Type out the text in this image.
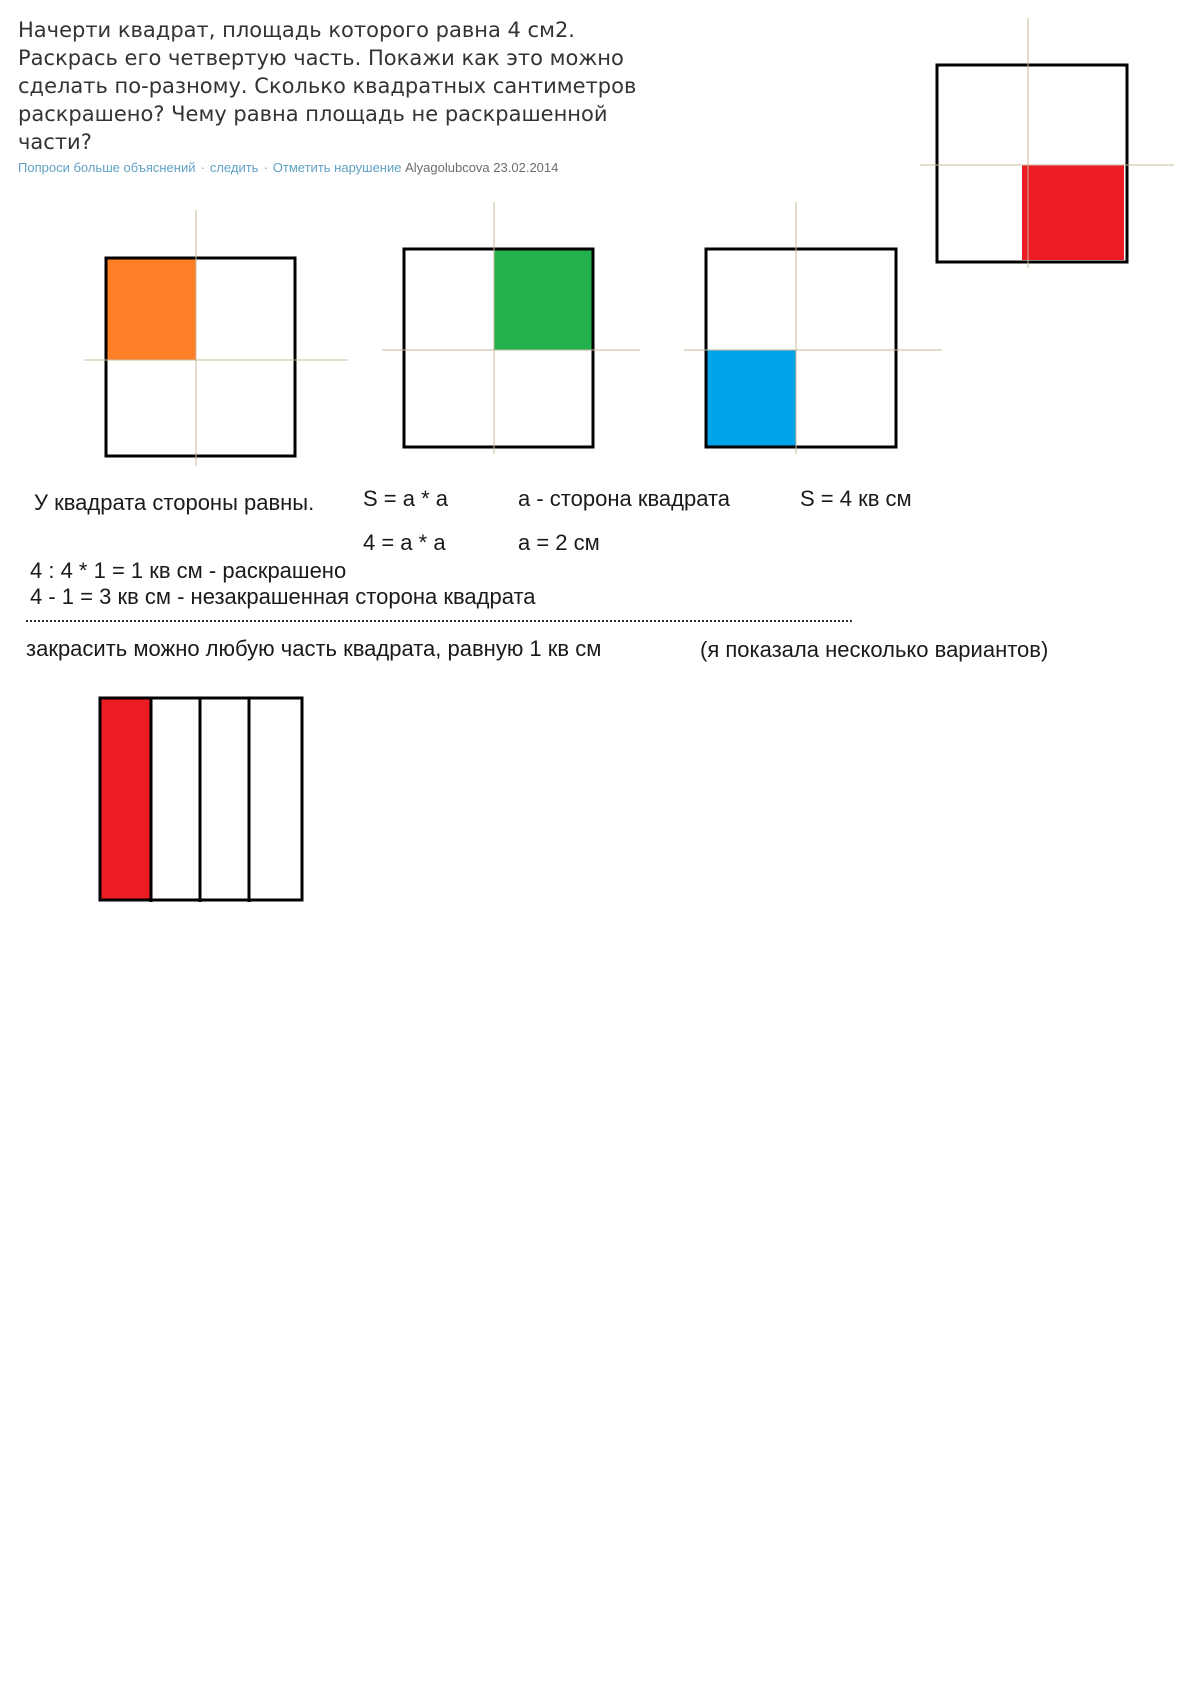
Начерти квадрат, площадь которого равна 4 см2.
Раскрась его четвертую часть. Покажи как это можно
сделать по-разному. Сколько квадратных сантиметров
раскрашено? Чему равна площадь не раскрашенной
части?
Попроси больше объяснений · следить · Отметить нарушение Alyagolubcova 23.02.2014
У квадрата стороны равны. S = a * a	a - сторона квадрата	S = 4 кв см
4 = a * a	a = 2 см
4 : 4 * 1 = 1 кв см - раскрашено
4 - 1 = 3 кв см - незакрашенная сторона квадрата
закрасить можно любую часть квадрата, равную 1 кв см	(я показала несколько вариантов)
